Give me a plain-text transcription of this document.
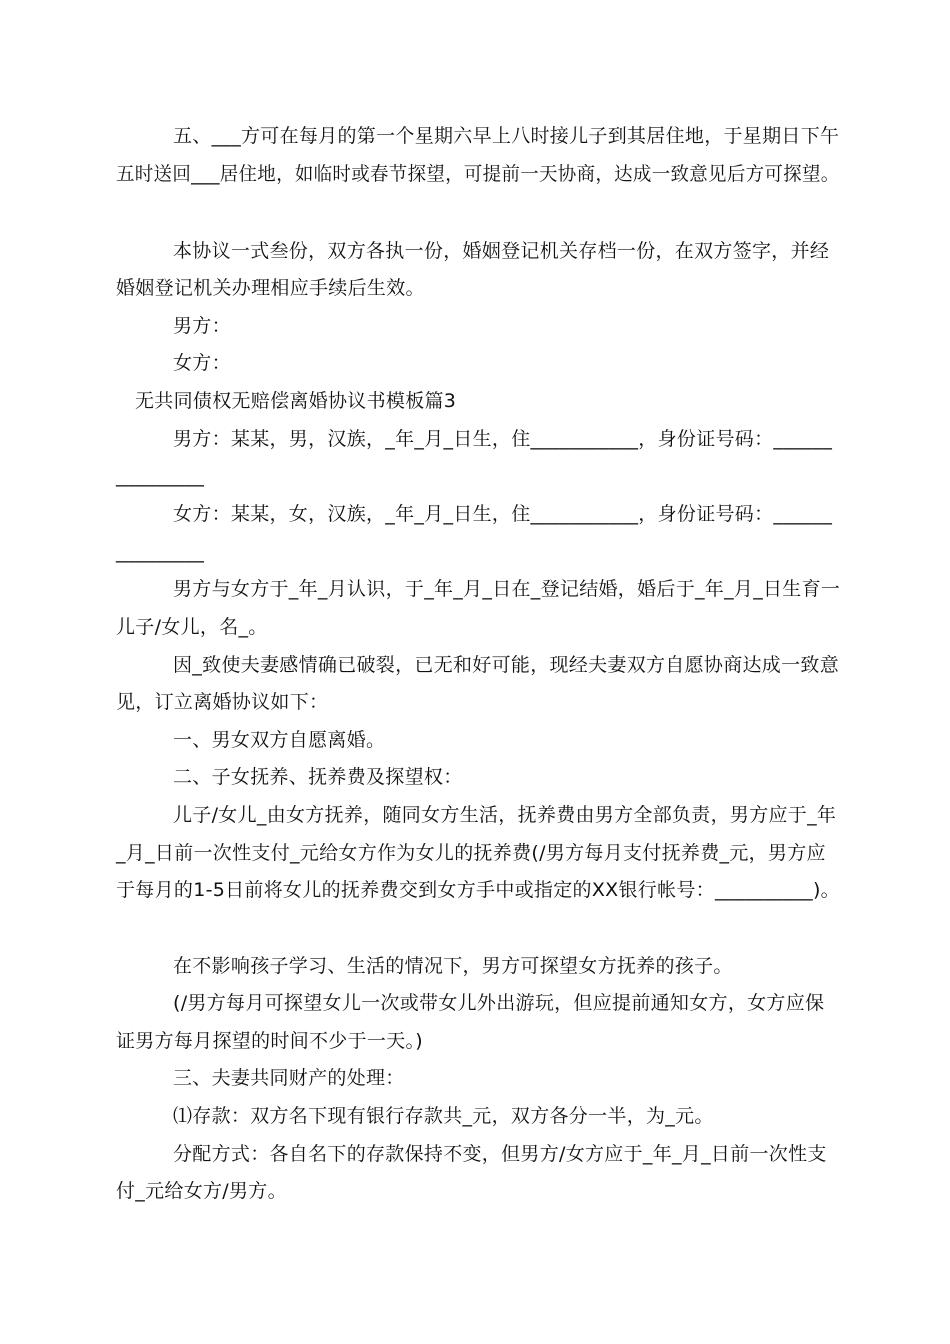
五、___方可在每月的第一个星期六早上八时接儿子到其居住地，于星期日下午
五时送回___居住地，如临时或春节探望，可提前一天协商，达成一致意见后方可探望。
本协议一式叁份，双方各执一份，婚姻登记机关存档一份，在双方签字，并经
婚姻登记机关办理相应手续后生效。
男方：
女方：
无共同债权无赔偿离婚协议书模板篇3
男方：某某，男，汉族，_年_月_日生，住___________，身份证号码：______
_________
女方：某某，女，汉族，_年_月_日生，住___________，身份证号码：______
_________
男方与女方于_年_月认识，于_年_月_日在_登记结婚，婚后于_年_月_日生育一
儿子/女儿，名_。
因_致使夫妻感情确已破裂，已无和好可能，现经夫妻双方自愿协商达成一致意
见，订立离婚协议如下：
一、男女双方自愿离婚。
二、子女抚养、抚养费及探望权：
儿子/女儿_由女方抚养，随同女方生活，抚养费由男方全部负责，男方应于_年
_月_日前一次性支付_元给女方作为女儿的抚养费(/男方每月支付抚养费_元，男方应
于每月的1-5日前将女儿的抚养费交到女方手中或指定的XX银行帐号：__________)。
在不影响孩子学习、生活的情况下，男方可探望女方抚养的孩子。
(/男方每月可探望女儿一次或带女儿外出游玩，但应提前通知女方，女方应保
证男方每月探望的时间不少于一天。)
三、夫妻共同财产的处理：
⑴存款：双方名下现有银行存款共_元，双方各分一半，为_元。
分配方式：各自名下的存款保持不变，但男方/女方应于_年_月_日前一次性支
付_元给女方/男方。
